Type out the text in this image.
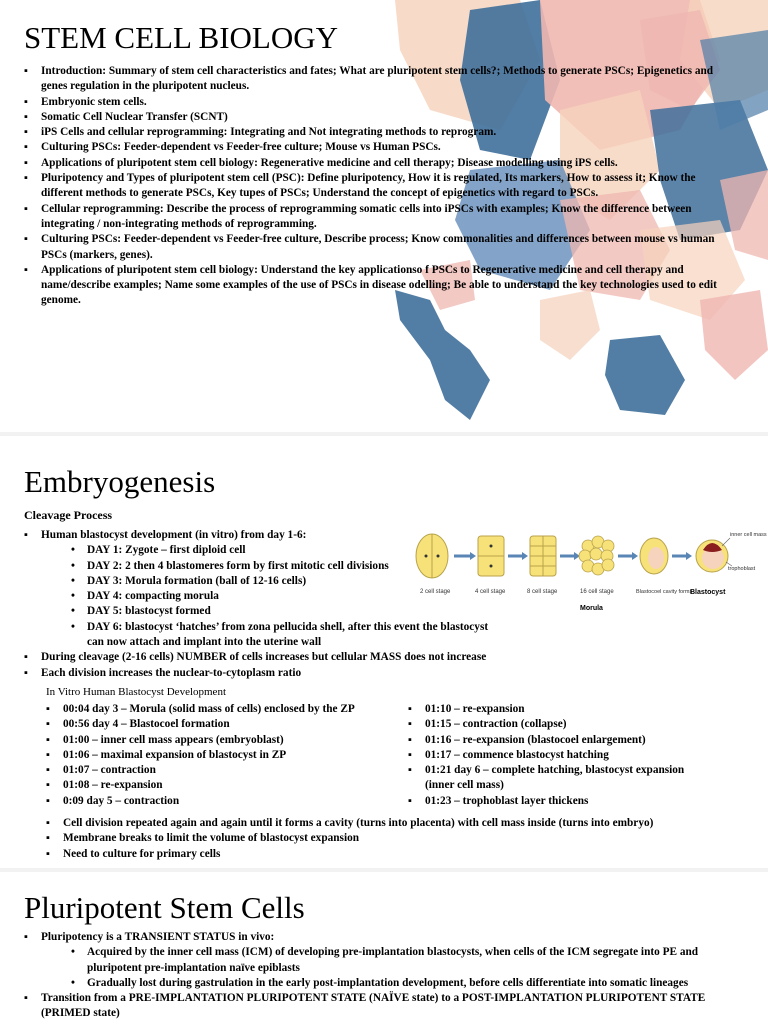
STEM CELL BIOLOGY
▪ Introduction: Summary of stem cell characteristics and fates; What are pluripotent stem cells?; Methods to generate PSCs; Epigenetics and genes regulation in the pluripotent nucleus.
▪ Embryonic stem cells.
▪ Somatic Cell Nuclear Transfer (SCNT)
▪ iPS Cells and cellular reprogramming: Integrating and Not integrating methods to reprogram.
▪ Culturing PSCs: Feeder-dependent vs Feeder-free culture; Mouse vs Human PSCs.
▪ Applications of pluripotent stem cell biology: Regenerative medicine and cell therapy; Disease modelling using iPS cells.
▪ Pluripotency and Types of pluripotent stem cell (PSC): Define pluripotency, How it is regulated, Its markers, How to assess it; Know the different methods to generate PSCs, Key tupes of PSCs; Understand the concept of epigenetics with regard to PSCs.
▪ Cellular reprogramming: Describe the process of reprogramming somatic cells into iPSCs with examples; Know the difference between integrating / non-integrating methods of reprogramming.
▪ Culturing PSCs: Feeder-dependent vs Feeder-free culture, Describe process; Know commonalities and differences between mouse vs human PSCs (markers, genes).
▪ Applications of pluripotent stem cell biology: Understand the key applicationso f PSCs to Regenerative medicine and cell therapy and name/describe examples; Name some examples of the use of PSCs in disease odelling; Be able to understand the key technologies used to edit genome.
Embryogenesis
Cleavage Process
▪ Human blastocyst development (in vitro) from day 1-6:
• DAY 1: Zygote – first diploid cell
• DAY 2: 2 then 4 blastomeres form by first mitotic cell divisions
• DAY 3: Morula formation (ball of 12-16 cells)
• DAY 4: compacting morula
• DAY 5: blastocyst formed
• DAY 6: blastocyst ‘hatches’ from zona pellucida shell, after this event the blastocyst can now attach and implant into the uterine wall
▪ During cleavage (2-16 cells) NUMBER of cells increases but cellular MASS does not increase
▪ Each division increases the nuclear-to-cytoplasm ratio
2 cell stage	4 cell stage	8 cell stage	16 cell stage	Blastocoel cavity forms
Blastocyst
Morula
inner cell mass
trophoblast
In Vitro Human Blastocyst Development
▪ 00:04 day 3 – Morula (solid mass of cells) enclosed by the ZP
▪ 00:56 day 4 – Blastocoel formation
▪ 01:00 – inner cell mass appears (embryoblast)
▪ 01:06 – maximal expansion of blastocyst in ZP
▪ 01:07 – contraction
▪ 01:08 – re-expansion
▪ 0:09 day 5 – contraction
▪ 01:10 – re-expansion
▪ 01:15 – contraction (collapse)
▪ 01:16 – re-expansion (blastocoel enlargement)
▪ 01:17 – commence blastocyst hatching
▪ 01:21 day 6 – complete hatching, blastocyst expansion (inner cell mass)
▪ 01:23 – trophoblast layer thickens
▪ Cell division repeated again and again until it forms a cavity (turns into placenta) with cell mass inside (turns into embryo)
▪ Membrane breaks to limit the volume of blastocyst expansion
▪ Need to culture for primary cells
Pluripotent Stem Cells
▪ Pluripotency is a TRANSIENT STATUS in vivo:
• Acquired by the inner cell mass (ICM) of developing pre-implantation blastocysts, when cells of the ICM segregate into PE and pluripotent pre-implantation naïve epiblasts
• Gradually lost during gastrulation in the early post-implantation development, before cells differentiate into somatic lineages
▪ Transition from a PRE-IMPLANTATION PLURIPOTENT STATE (NAÏVE state) to a POST-IMPLANTATION PLURIPOTENT STATE (PRIMED state)
